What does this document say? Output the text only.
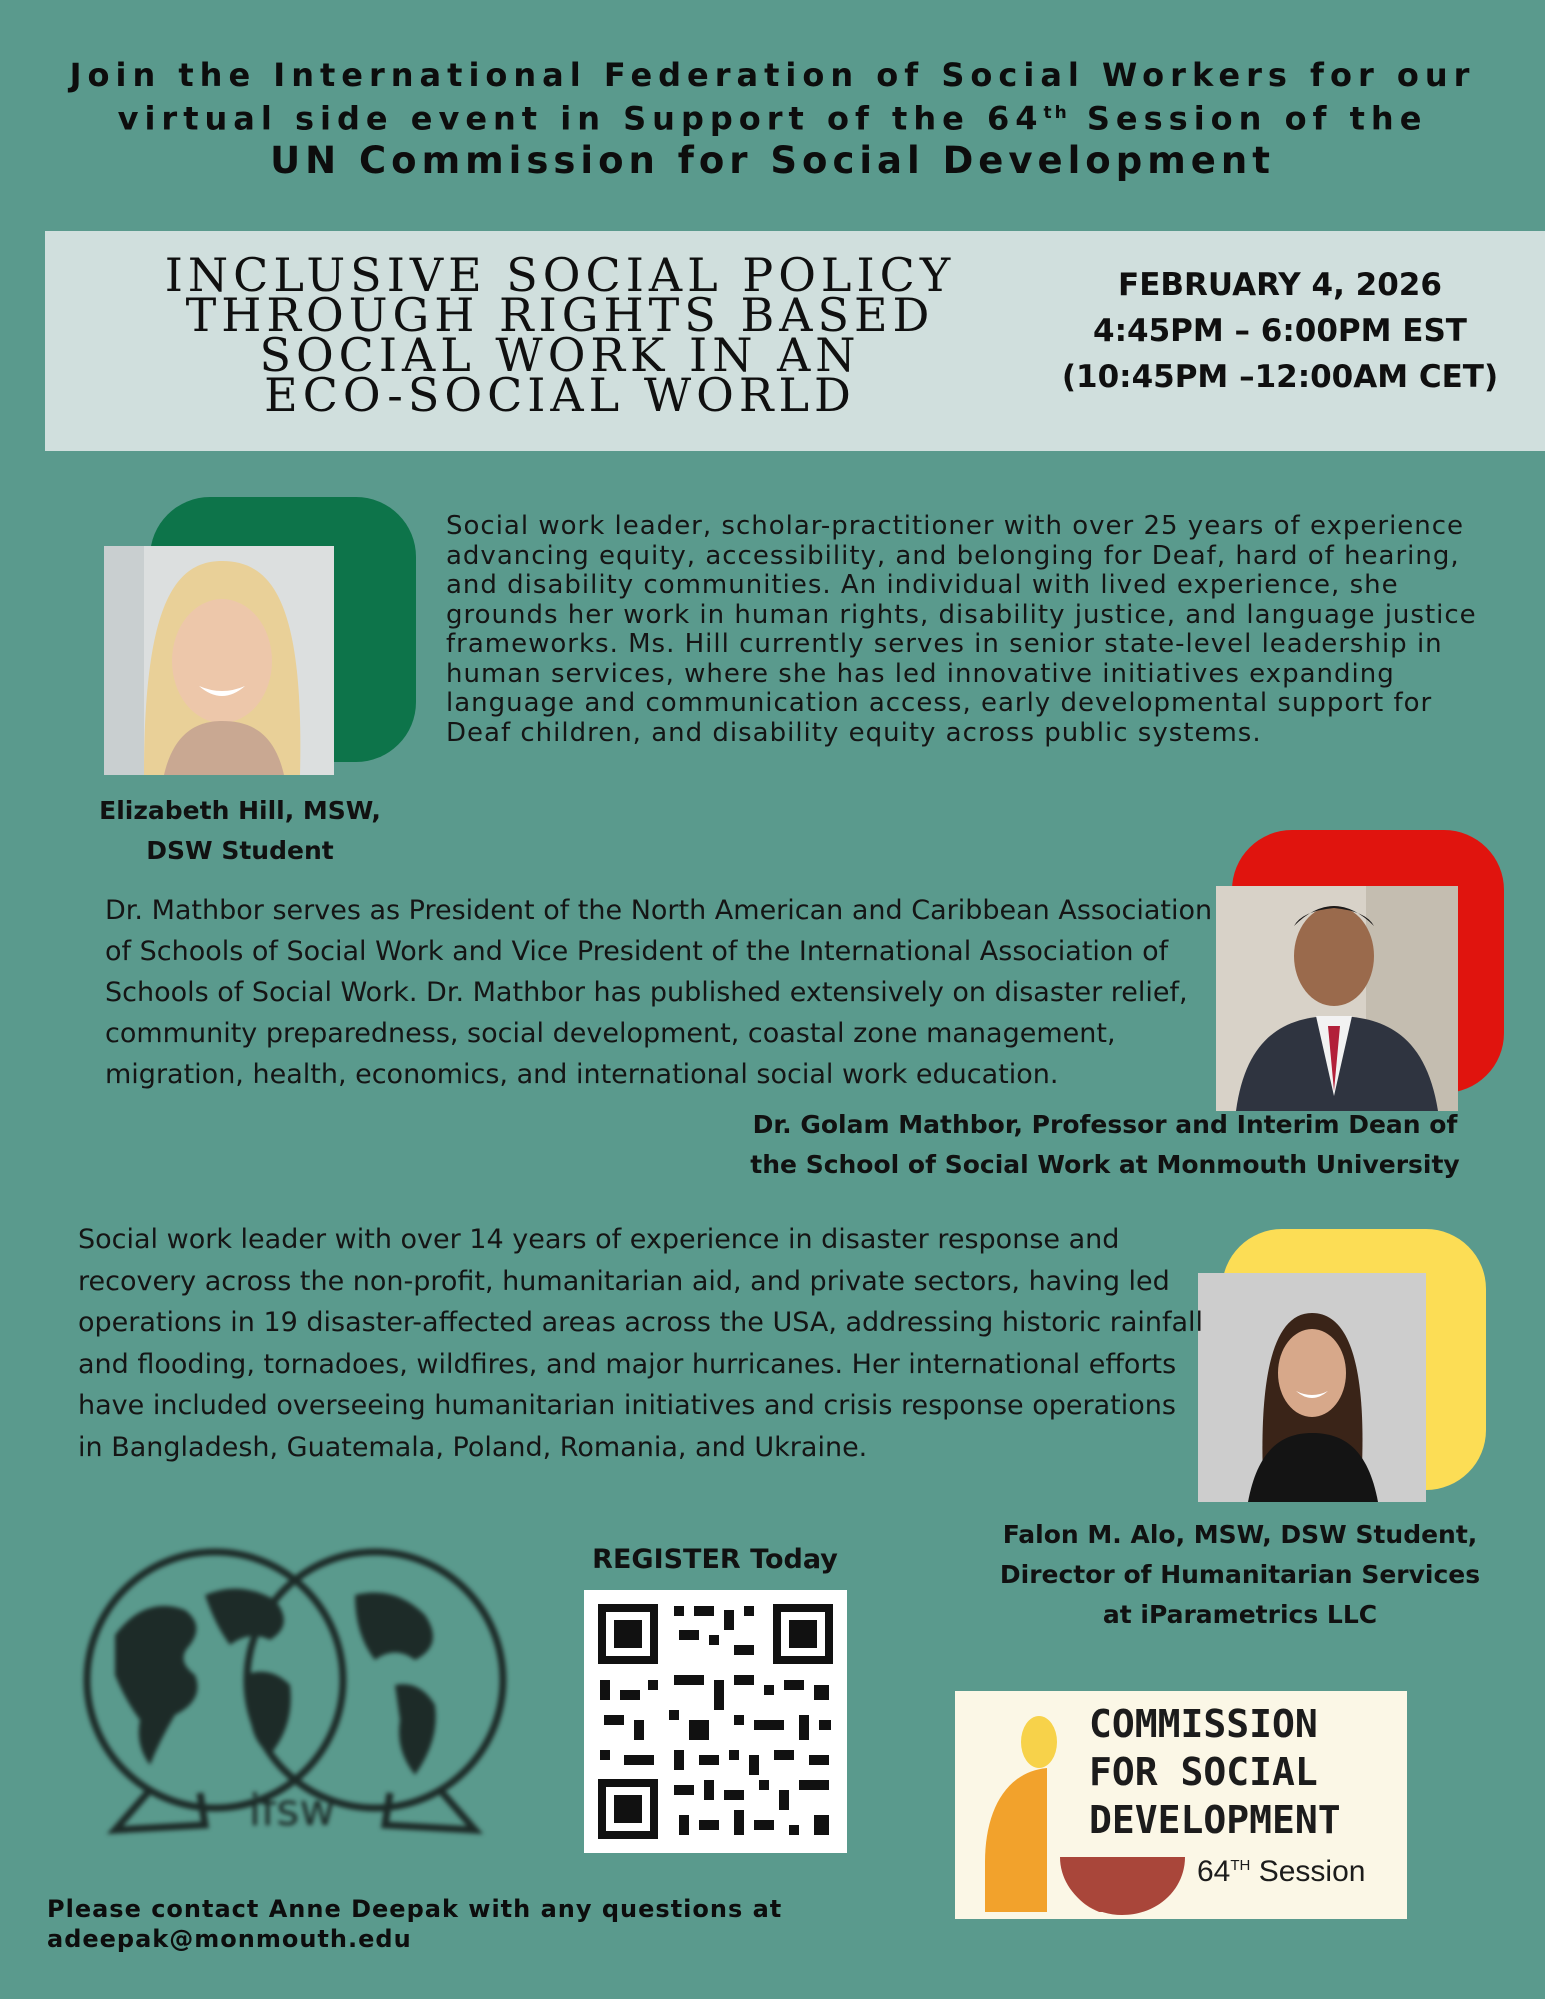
Join the International Federation of Social Workers for our
virtual side event in Support of the 64th Session of the
UN Commission for Social Development
INCLUSIVE SOCIAL POLICY
THROUGH RIGHTS BASED
SOCIAL WORK IN AN
ECO-SOCIAL WORLD
FEBRUARY 4, 2026
4:45PM – 6:00PM EST
(10:45PM –12:00AM CET)
Social work leader, scholar-practitioner with over 25 years of experience advancing equity, accessibility, and belonging for Deaf, hard of hearing, and disability communities. An individual with lived experience, she grounds her work in human rights, disability justice, and language justice frameworks. Ms. Hill currently serves in senior state-level leadership in human services, where she has led innovative initiatives expanding language and communication access, early developmental support for Deaf children, and disability equity across public systems.
Elizabeth Hill, MSW,
DSW Student
Dr. Mathbor serves as President of the North American and Caribbean Association of Schools of Social Work and Vice President of the International Association of Schools of Social Work. Dr. Mathbor has published extensively on disaster relief, community preparedness, social development, coastal zone management, migration, health, economics, and international social work education.
Dr. Golam Mathbor, Professor and Interim Dean of
the School of Social Work at Monmouth University
Social work leader with over 14 years of experience in disaster response and recovery across the non-profit, humanitarian aid, and private sectors, having led operations in 19 disaster-affected areas across the USA, addressing historic rainfall and flooding, tornadoes, wildfires, and major hurricanes. Her international efforts have included overseeing humanitarian initiatives and crisis response operations in Bangladesh, Guatemala, Poland, Romania, and Ukraine.
Falon M. Alo, MSW, DSW Student,
Director of Humanitarian Services
at iParametrics LLC
ifsw
REGISTER Today
COMMISSION
FOR SOCIAL
DEVELOPMENT
64TH Session
Please contact Anne Deepak with any questions at
adeepak@monmouth.edu
